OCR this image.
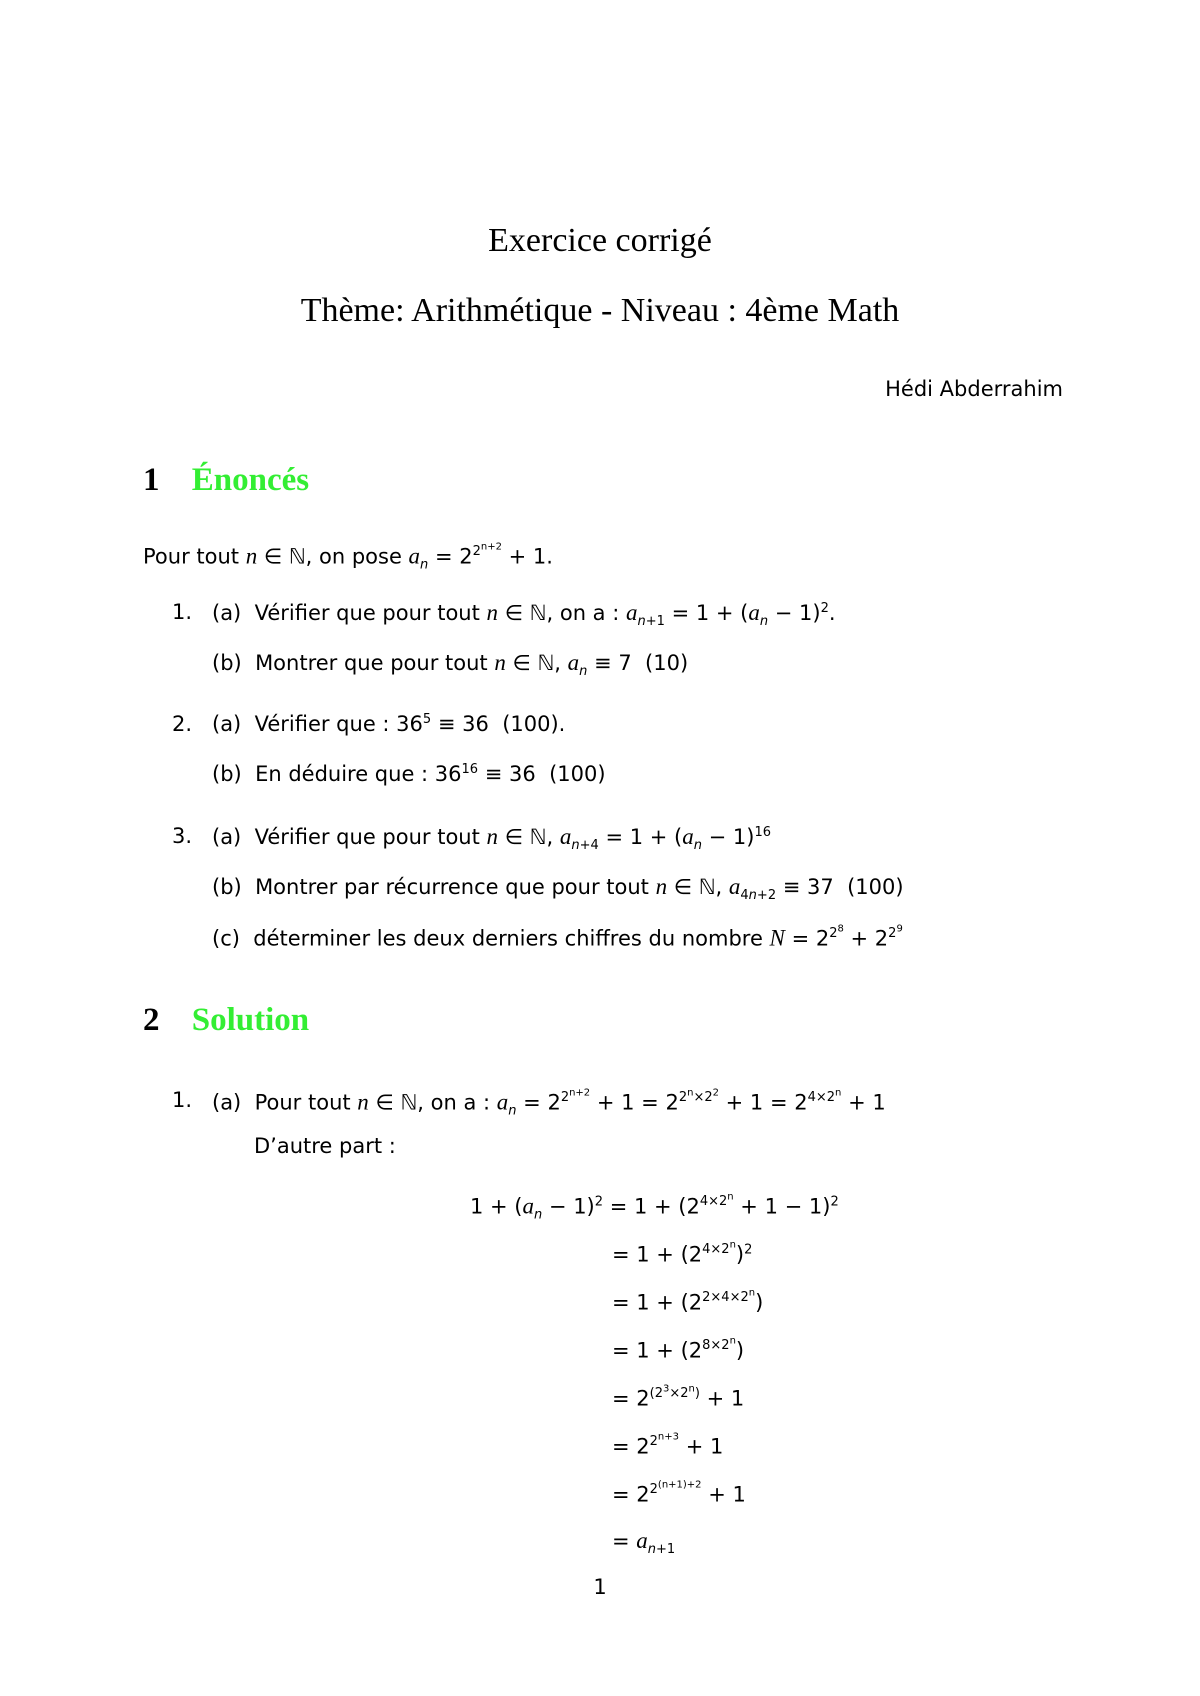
Exercice corrigé
Thème: Arithmétique - Niveau : 4ème Math
Hédi Abderrahim
1 Énoncés
Pour tout n ∈ ℕ, on pose $a_n = 2^{2^{n+2}} + 1$.
1. (a)  Vérifier que pour tout n ∈ ℕ, on a : $a_{n+1} = 1 + (a_n - 1)^2$.
(b)  Montrer que pour tout n ∈ ℕ, $a_n \equiv 7$  (10)
2. (a)  Vérifier que : $36^5 \equiv 36$  (100).
(b)  En déduire que : $36^{16} \equiv 36$  (100)
3. (a)  Vérifier que pour tout n ∈ ℕ, $a_{n+4} = 1 + (a_n - 1)^{16}$
(b)  Montrer par récurrence que pour tout n ∈ ℕ, $a_{4n+2} \equiv 37$  (100)
(c)  déterminer les deux derniers chiffres du nombre $N = 2^{2^8} + 2^{2^9}$
2 Solution
1. (a)  Pour tout n ∈ ℕ, on a : $a_n = 2^{2^{n+2}} + 1 = 2^{2^n\times 2^2} + 1 = 2^{4\times 2^n} + 1$
D’autre part :
$1 + (a_n - 1)^2 = 1 + (2^{4\times 2^n} + 1 - 1)^2$
= $1 + (2^{4\times 2^n})^2$
= $1 + (2^{2\times 4\times 2^n})$
= $1 + (2^{8\times 2^n})$
= $2^{(2^3\times 2^n)} + 1$
= $2^{2^{n+3}} + 1$
= $2^{2^{(n+1)+2}} + 1$
= $a_{n+1}$
1
